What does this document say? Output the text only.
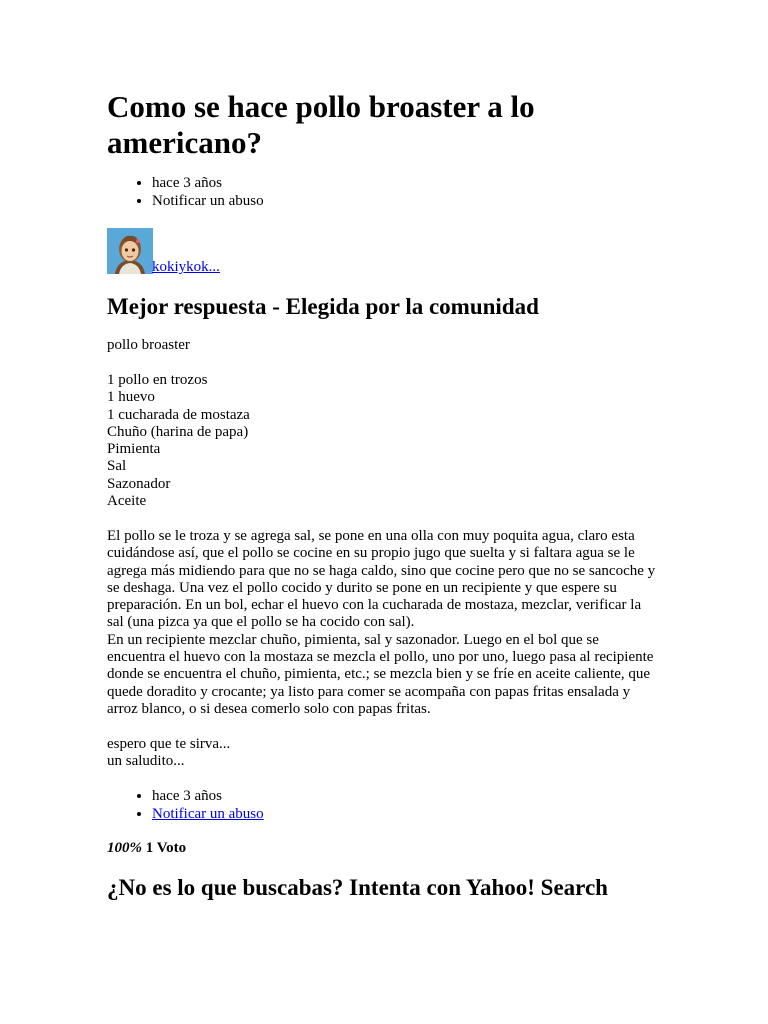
Como se hace pollo broaster a lo americano?
• hace 3 años
• Notificar un abuso
kokiykok...
Mejor respuesta - Elegida por la comunidad
pollo broaster
1 pollo en trozos
1 huevo
1 cucharada de mostaza
Chuño (harina de papa)
Pimienta
Sal
Sazonador
Aceite
El pollo se le troza y se agrega sal, se pone en una olla con muy poquita agua, claro esta
cuidándose así, que el pollo se cocine en su propio jugo que suelta y si faltara agua se le
agrega más midiendo para que no se haga caldo, sino que cocine pero que no se sancoche y
se deshaga. Una vez el pollo cocido y durito se pone en un recipiente y que espere su
preparación. En un bol, echar el huevo con la cucharada de mostaza, mezclar, verificar la
sal (una pizca ya que el pollo se ha cocido con sal).
En un recipiente mezclar chuño, pimienta, sal y sazonador. Luego en el bol que se
encuentra el huevo con la mostaza se mezcla el pollo, uno por uno, luego pasa al recipiente
donde se encuentra el chuño, pimienta, etc.; se mezcla bien y se fríe en aceite caliente, que
quede doradito y crocante; ya listo para comer se acompaña con papas fritas ensalada y
arroz blanco, o si desea comerlo solo con papas fritas.
espero que te sirva...
un saludito...
• hace 3 años
• Notificar un abuso
100% 1 Voto
¿No es lo que buscabas? Intenta con Yahoo! Search
